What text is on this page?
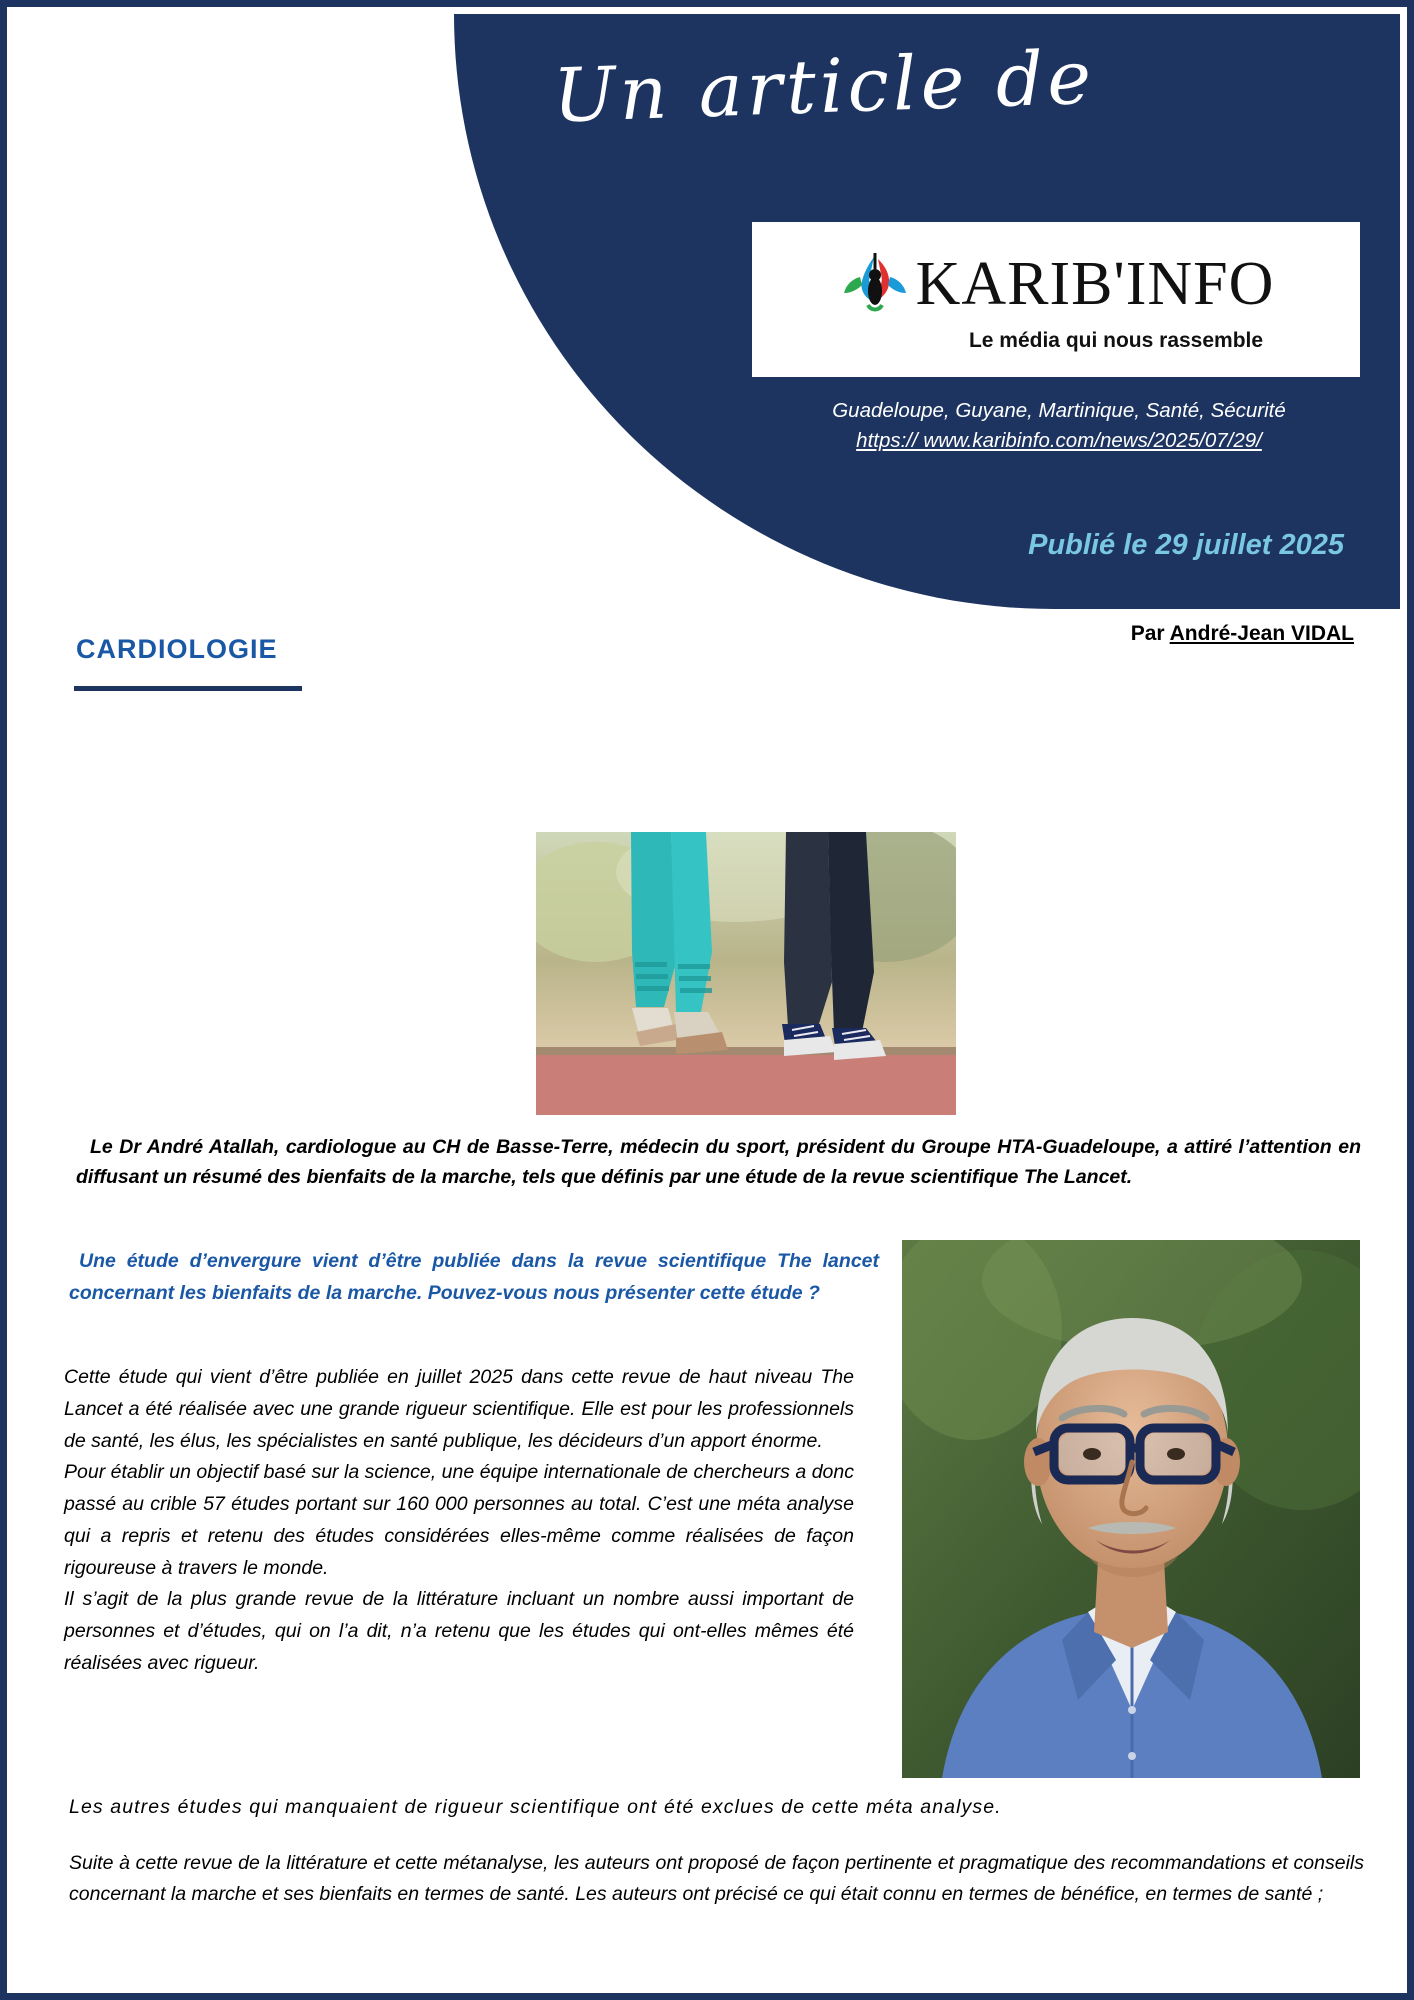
Un article de
KARIB'INFO
Le média qui nous rassemble
Guadeloupe, Guyane, Martinique, Santé, Sécurité
https:// www.karibinfo.com/news/2025/07/29/
Publié le 29 juillet 2025
Par André-Jean VIDAL
CARDIOLOGIE
Le Dr André Atallah, cardiologue au CH de Basse-Terre, médecin du sport, président du Groupe HTA-Guadeloupe, a attiré l’attention en diffusant un résumé des bienfaits de la marche, tels que définis par une étude de la revue scientifique The Lancet.
Une étude d’envergure vient d’être publiée dans la revue scientifique The lancet concernant les bienfaits de la marche. Pouvez-vous nous présenter cette étude ?

Cette étude qui vient d’être publiée en juillet 2025 dans cette revue de haut niveau The Lancet a été réalisée avec une grande rigueur scientifique. Elle est pour les professionnels de santé, les élus, les spécialistes en santé publique, les décideurs d’un apport énorme.

Pour établir un objectif basé sur la science, une équipe internationale de chercheurs a donc passé au crible 57 études portant sur 160 000 personnes au total. C’est une méta analyse qui a repris et retenu des études considérées elles-même comme réalisées de façon rigoureuse à travers le monde.

Il s’agit de la plus grande revue de la littérature incluant un nombre aussi important de personnes et d’études, qui on l’a dit, n’a retenu que les études qui ont-elles mêmes été réalisées avec rigueur.

Les autres études qui manquaient de rigueur scientifique ont été exclues de cette méta analyse.
Suite à cette revue de la littérature et cette métanalyse, les auteurs ont proposé de façon pertinente et pragmatique des recommandations et conseils concernant la marche et ses bienfaits en termes de santé. Les auteurs ont précisé ce qui était connu en termes de bénéfice, en termes de santé ;
